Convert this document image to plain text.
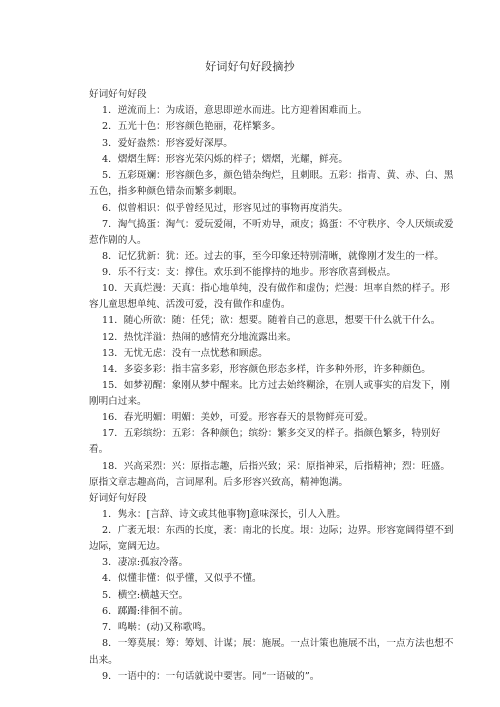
好词好句好段摘抄
好词好句好段
1．逆流而上：为成语，意思即逆水而进。比方迎着困难而上。
2．五光十色：形容颜色艳丽，花样繁多。
3．爱好盎然：形容爱好深厚。
4．熠熠生辉：形容光荣闪烁的样子；熠熠，光耀，鲜亮。
5．五彩斑斓：形容颜色多，颜色错杂绚烂，且刺眼。五彩：指青、黄、赤、白、黑
五色，指多种颜色错杂而繁多刺眼。
6．似曾相识：似乎曾经见过，形容见过的事物再度消失。
7．淘气捣蛋：淘气：爱玩爱闹，不听劝导，顽皮；捣蛋：不守秩序、令人厌烦或爱
惹作剧的人。
8．记忆犹新：犹：还。过去的事，至今印象还特别清晰，就像刚才发生的一样。
9．乐不行支：支：撑住。欢乐到不能撑持的地步。形容欣喜到极点。
10．天真烂漫：天真：指心地单纯，没有做作和虚伪；烂漫：坦率自然的样子。形
容儿童思想单纯、活泼可爱，没有做作和虚伪。
11．随心所欲：随：任凭；欲：想要。随着自己的意思，想要干什么就干什么。
12．热忱洋溢：热闹的感情充分地流露出来。
13．无忧无虑：没有一点忧愁和顾虑。
14．多姿多彩：指丰富多彩，形容颜色形态多样，许多种外形，许多种颜色。
15．如梦初醒：象刚从梦中醒来。比方过去始终糊涂，在别人或事实的启发下，刚
刚明白过来。
16．春光明媚：明媚：美妙，可爱。形容春天的景物鲜亮可爱。
17．五彩缤纷：五彩：各种颜色；缤纷：繁多交叉的样子。指颜色繁多，特别好
看。
18．兴高采烈：兴：原指志趣，后指兴致；采：原指神采，后指精神；烈：旺盛。
原指文章志趣高尚，言词犀利。后多形容兴致高，精神饱满。
好词好句好段
1．隽永：[言辞、诗文或其他事物]意味深长，引人入胜。
2．广袤无垠：东西的长度，袤：南北的长度。垠：边际；边界。形容宽阔得望不到
边际，宽阔无边。
3．凄凉:孤寂冷落。
4．似懂非懂：似乎懂，又似乎不懂。
5．横空:横越天空。
6．踯躅:徘徊不前。
7．鸣啭：(动)又称歌鸣。
8．一筹莫展：筹：筹划、计谋；展：施展。一点计策也施展不出，一点方法也想不
出来。
9．一语中的：一句话就说中要害。同“一语破的”。
